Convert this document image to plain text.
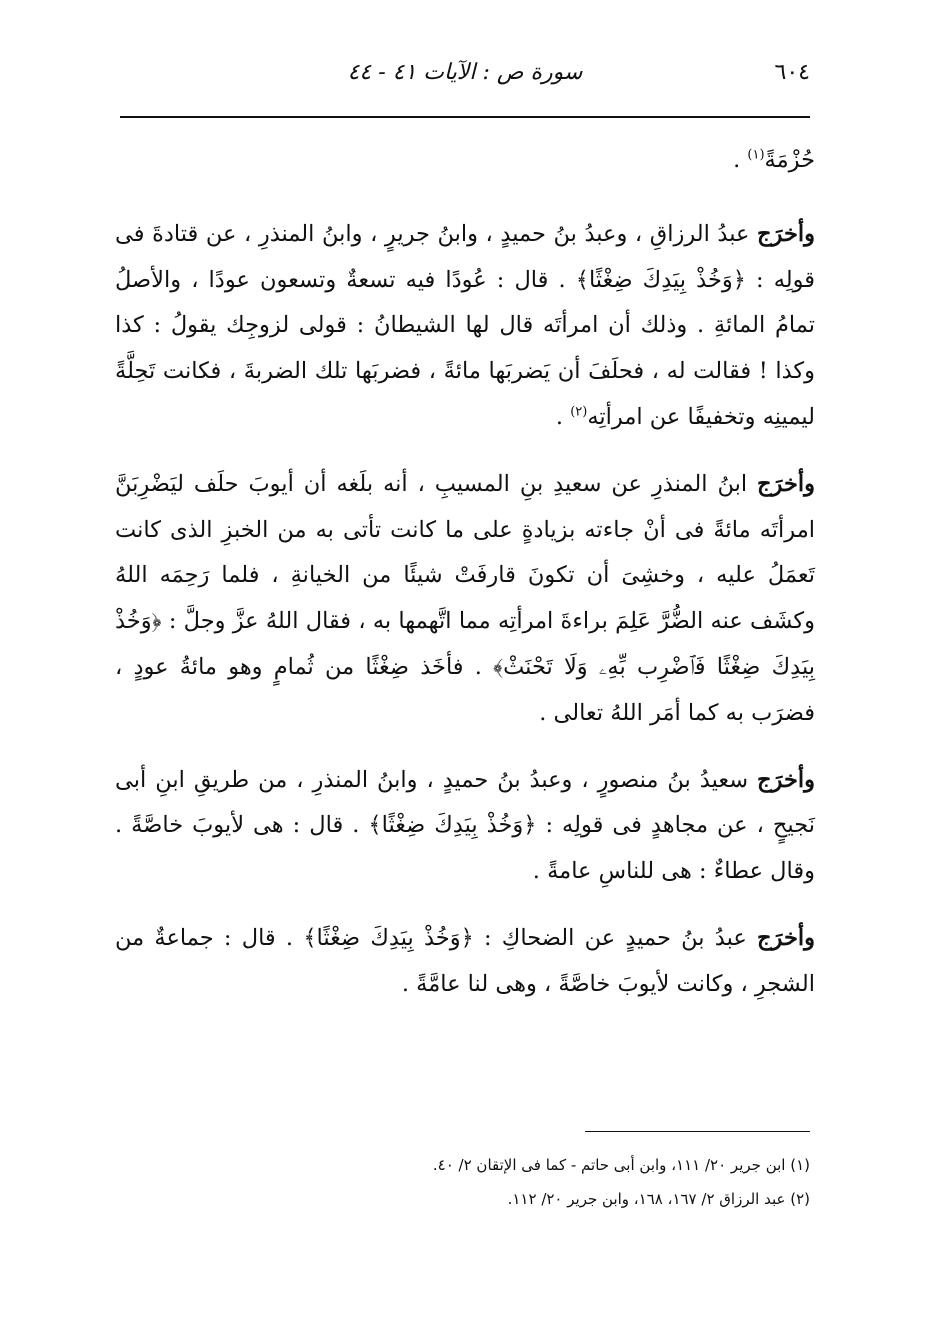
٦٠٤
سورة ص : الآيات ٤١ - ٤٤

حُزْمَةً$^{(١)}$ .

وأخرَج عبدُ الرزاقِ ، وعبدُ بنُ حميدٍ ، وابنُ جريرٍ ، وابنُ المنذرِ ، عن قتادةَ فى قولِه : ﴿وَخُذْ بِيَدِكَ ضِغْثًا﴾ . قال : عُودًا فيه تسعةٌ وتسعون عودًا ، والأصلُ تمامُ المائةِ . وذلك أن امرأتَه قال لها الشيطانُ : قولى لزوجِك يقولُ : كذا وكذا ! فقالت له ، فحلَفَ أن يَضربَها مائةً ، فضربَها تلك الضربةَ ، فكانت تَحِلَّةً ليمينِه وتخفيفًا عن امرأتِه$^{(٢)}$ .

وأخرَج ابنُ المنذرِ عن سعيدِ بنِ المسيبِ ، أنه بلَغه أن أيوبَ حلَف ليَضْرِبَنَّ امرأتَه مائةً فى أنْ جاءته بزيادةٍ على ما كانت تأتى به من الخبزِ الذى كانت تَعمَلُ عليه ، وخشِىَ أن تكونَ قارفَتْ شيئًا من الخيانةِ ، فلما رَحِمَه اللهُ وكشَف عنه الضُّرَّ عَلِمَ براءةَ امرأتِه مما اتَّهمها به ، فقال اللهُ عزَّ وجلَّ : ﴿وَخُذْ بِيَدِكَ ضِغْثًا فَٱضْرِب بِّهِۦ وَلَا تَحْنَثْ﴾ . فأخَذ ضِغْثًا من ثُمامٍ وهو مائةُ عودٍ ، فضرَب به كما أمَر اللهُ تعالى .

وأخرَج سعيدُ بنُ منصورٍ ، وعبدُ بنُ حميدٍ ، وابنُ المنذرِ ، من طريقِ ابنِ أبى نَجيحٍ ، عن مجاهدٍ فى قولِه : ﴿وَخُذْ بِيَدِكَ ضِغْثًا﴾ . قال : هى لأيوبَ خاصَّةً . وقال عطاءٌ : هى للناسِ عامةً .

وأخرَج عبدُ بنُ حميدٍ عن الضحاكِ : ﴿وَخُذْ بِيَدِكَ ضِغْثًا﴾ . قال : جماعةٌ من الشجرِ ، وكانت لأيوبَ خاصَّةً ، وهى لنا عامَّةً .

(١) ابن جرير ٢٠/ ١١١، وابن أبى حاتم - كما فى الإتقان ٢/ ٤٠.
(٢) عبد الرزاق ٢/ ١٦٧، ١٦٨، وابن جرير ٢٠/ ١١٢.
